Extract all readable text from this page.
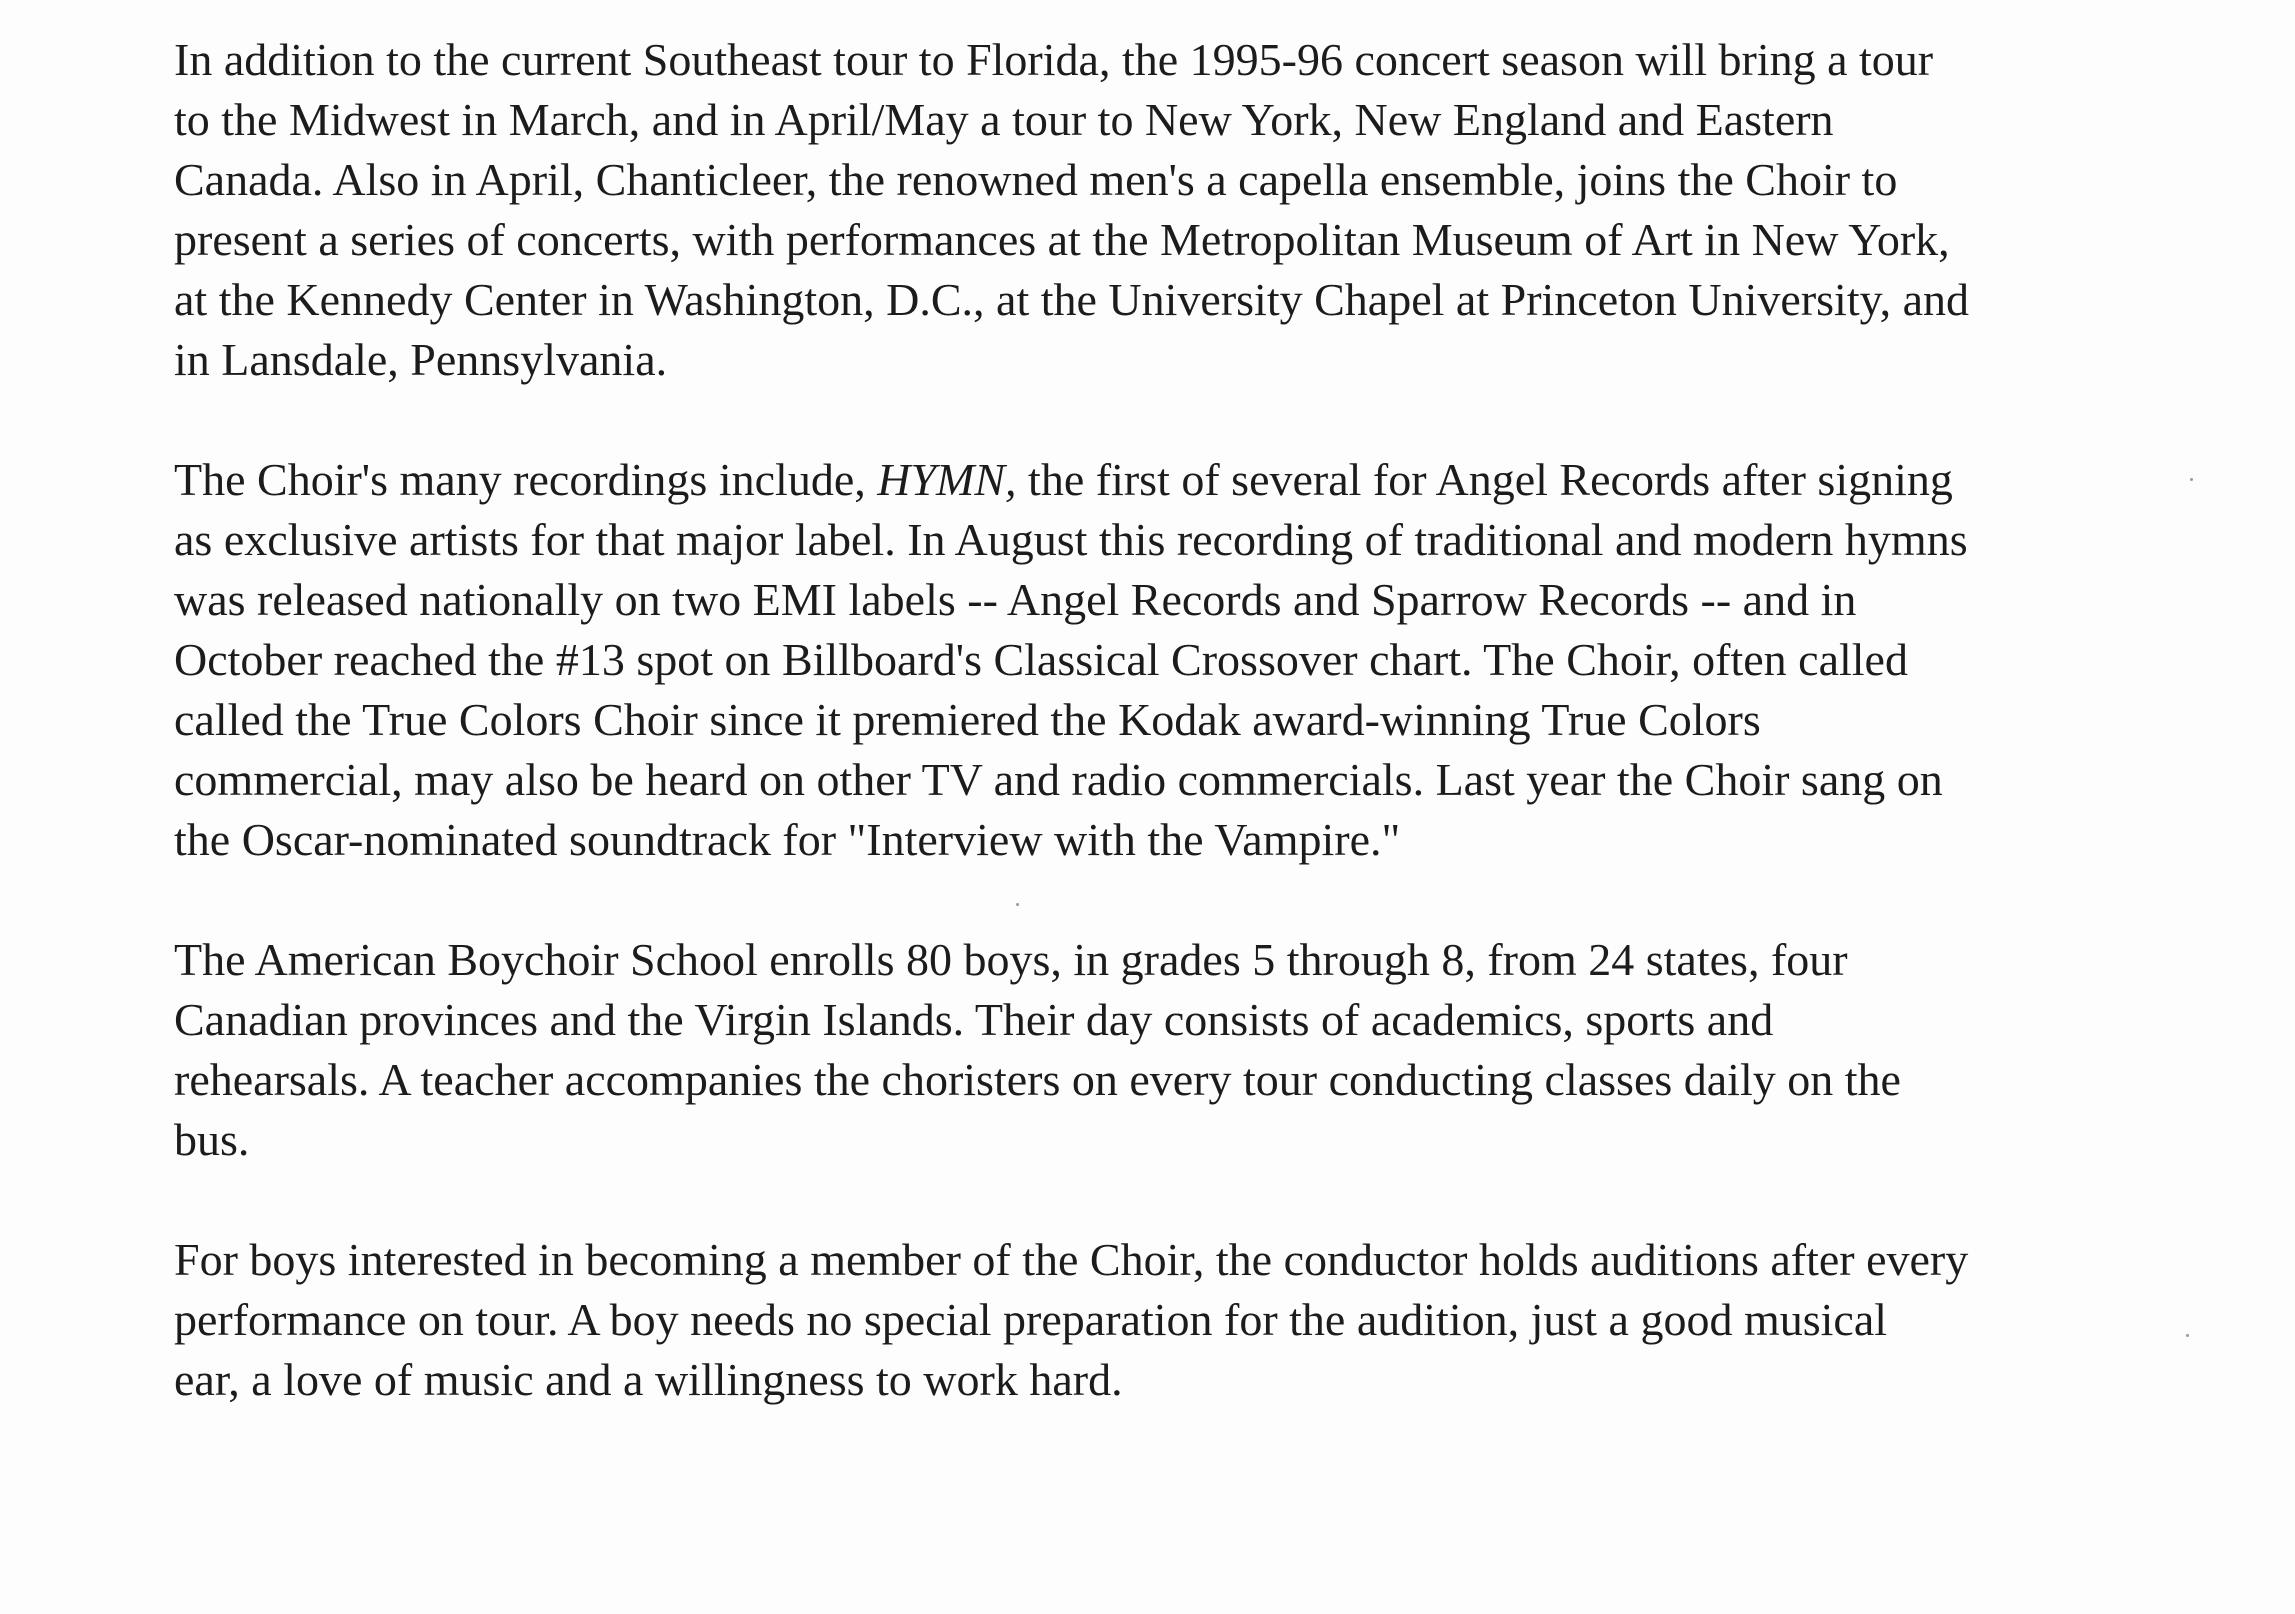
In addition to the current Southeast tour to Florida, the 1995-96 concert season will bring a tour
to the Midwest in March, and in April/May a tour to New York, New England and Eastern
Canada. Also in April, Chanticleer, the renowned men's a capella ensemble, joins the Choir to
present a series of concerts, with performances at the Metropolitan Museum of Art in New York,
at the Kennedy Center in Washington, D.C., at the University Chapel at Princeton University, and
in Lansdale, Pennsylvania.

The Choir's many recordings include, HYMN, the first of several for Angel Records after signing
as exclusive artists for that major label. In August this recording of traditional and modern hymns
was released nationally on two EMI labels -- Angel Records and Sparrow Records -- and in
October reached the #13 spot on Billboard's Classical Crossover chart. The Choir, often called
called the True Colors Choir since it premiered the Kodak award-winning True Colors
commercial, may also be heard on other TV and radio commercials. Last year the Choir sang on
the Oscar-nominated soundtrack for "Interview with the Vampire."

The American Boychoir School enrolls 80 boys, in grades 5 through 8, from 24 states, four
Canadian provinces and the Virgin Islands. Their day consists of academics, sports and
rehearsals. A teacher accompanies the choristers on every tour conducting classes daily on the
bus.

For boys interested in becoming a member of the Choir, the conductor holds auditions after every
performance on tour. A boy needs no special preparation for the audition, just a good musical
ear, a love of music and a willingness to work hard.
